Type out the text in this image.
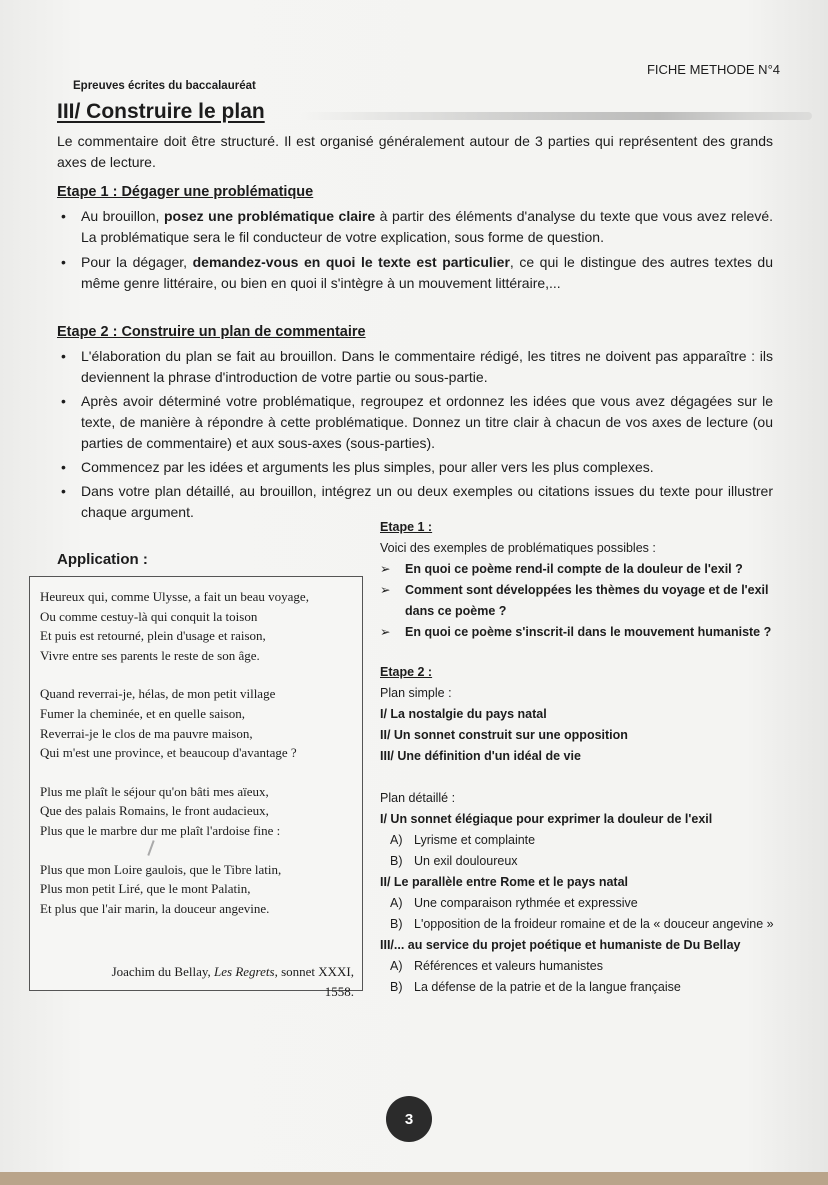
FICHE METHODE N°4
Epreuves écrites du baccalauréat
III/ Construire le plan
Le commentaire doit être structuré. Il est organisé généralement autour de 3 parties qui représentent des grands axes de lecture.
Etape 1 : Dégager une problématique
• Au brouillon, posez une problématique claire à partir des éléments d'analyse du texte que vous avez relevé. La problématique sera le fil conducteur de votre explication, sous forme de question.
• Pour la dégager, demandez-vous en quoi le texte est particulier, ce qui le distingue des autres textes du même genre littéraire, ou bien en quoi il s'intègre à un mouvement littéraire,...
Etape 2 : Construire un plan de commentaire
• L'élaboration du plan se fait au brouillon. Dans le commentaire rédigé, les titres ne doivent pas apparaître : ils deviennent la phrase d'introduction de votre partie ou sous-partie.
• Après avoir déterminé votre problématique, regroupez et ordonnez les idées que vous avez dégagées sur le texte, de manière à répondre à cette problématique. Donnez un titre clair à chacun de vos axes de lecture (ou parties de commentaire) et aux sous-axes (sous-parties).
• Commencez par les idées et arguments les plus simples, pour aller vers les plus complexes.
• Dans votre plan détaillé, au brouillon, intégrez un ou deux exemples ou citations issues du texte pour illustrer chaque argument.
Application :
Heureux qui, comme Ulysse, a fait un beau voyage,
Ou comme cestuy-là qui conquit la toison
Et puis est retourné, plein d'usage et raison,
Vivre entre ses parents le reste de son âge.
Quand reverrai-je, hélas, de mon petit village
Fumer la cheminée, et en quelle saison,
Reverrai-je le clos de ma pauvre maison,
Qui m'est une province, et beaucoup d'avantage ?
Plus me plaît le séjour qu'on bâti mes aïeux,
Que des palais Romains, le front audacieux,
Plus que le marbre dur me plaît l'ardoise fine :
Plus que mon Loire gaulois, que le Tibre latin,
Plus mon petit Liré, que le mont Palatin,
Et plus que l'air marin, la douceur angevine.
Joachim du Bellay, Les Regrets, sonnet XXXI,
1558.
Etape 1 :
Voici des exemples de problématiques possibles :
➢ En quoi ce poème rend-il compte de la douleur de l'exil ?
➢ Comment sont développées les thèmes du voyage et de l'exil dans ce poème ?
➢ En quoi ce poème s'inscrit-il dans le mouvement humaniste ?
Etape 2 :
Plan simple :
I/ La nostalgie du pays natal
II/ Un sonnet construit sur une opposition
III/ Une définition d'un idéal de vie
Plan détaillé :
I/ Un sonnet élégiaque pour exprimer la douleur de l'exil
A) Lyrisme et complainte
B) Un exil douloureux
II/ Le parallèle entre Rome et le pays natal
A) Une comparaison rythmée et expressive
B) L'opposition de la froideur romaine et de la « douceur angevine »
III/... au service du projet poétique et humaniste de Du Bellay
A) Références et valeurs humanistes
B) La défense de la patrie et de la langue française
3
